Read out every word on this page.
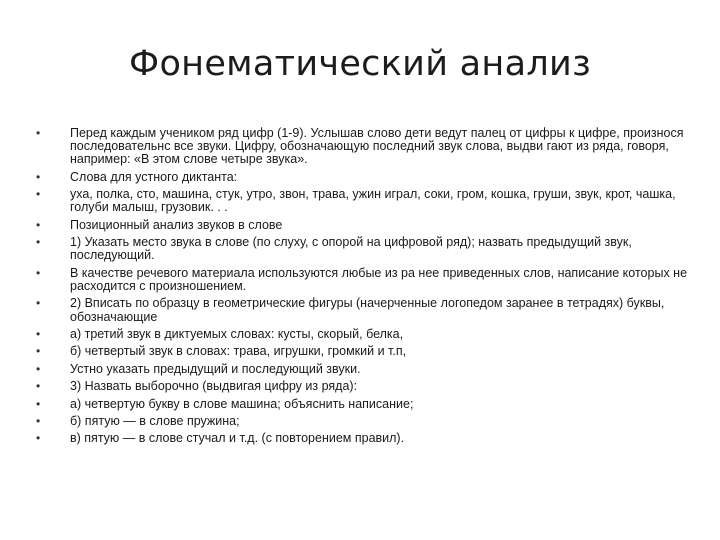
Фонематический анализ
•	Перед каждым учеником ряд цифр (1-9). Услышав слово дети ведут палец от цифры к цифре, произнося последовательнс все звуки. Цифру, обозначающую последний звук слова, выдви гают из ряда, говоря, например: «В этом слове четыре звука».
•	Слова для устного диктанта:
•	уха, полка, сто, машина, стук, утро, звон, трава, ужин играл, соки, гром, кошка, груши, звук, крот, чашка, голуби малыш, грузовик. . .
•	Позиционный анализ звуков в слове
•	1) Указать место звука в слове (по слуху, с опорой на цифровой ряд); назвать предыдущий звук, последующий.
•	В качестве речевого материала используются любые из ра нее приведенных слов, написание которых не расходится с произношением.
•	2) Вписать по образцу в геометрические фигуры (начерченные логопедом заранее в тетрадях) буквы, обозначающие
•	а) третий звук в диктуемых словах: кусты, скорый, белка,
•	б) четвертый звук в словах: трава, игрушки, громкий и т.п,
•	Устно указать предыдущий и последующий звуки.
•	3) Назвать выборочно (выдвигая цифру из ряда):
•	а) четвертую букву в слове машина; объяснить написание;
•	б) пятую — в слове пружина;
•	в) пятую — в слове стучал и т.д. (с повторением правил).
